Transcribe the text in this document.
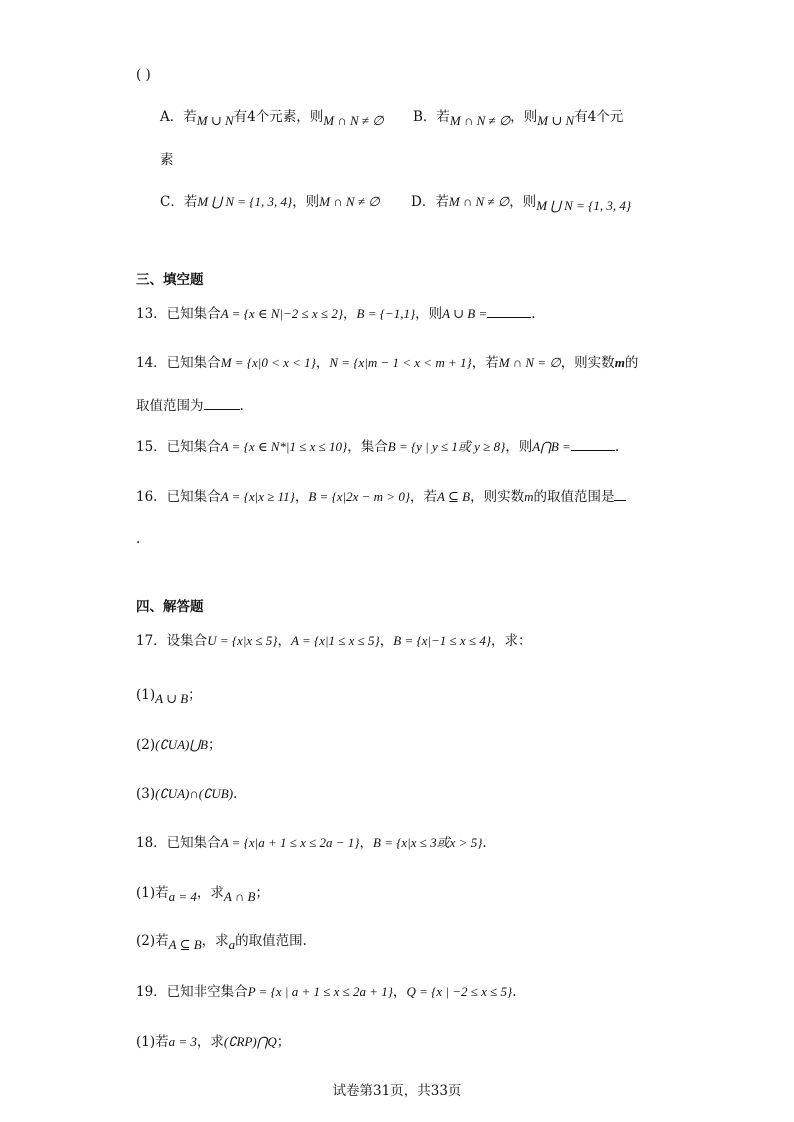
( )
A．若M ∪ N有4个元素，则M ∩ N ≠ ∅ B．若M ∩ N ≠ ∅，则M ∪ N有4个元
素
C．若M ⋃ N = {1, 3, 4}，则M ∩ N ≠ ∅ D．若M ∩ N ≠ ∅，则M ⋃ N = {1, 3, 4}
三、填空题
13．已知集合A = {x ∈ N|−2 ≤ x ≤ 2}，B = {−1,1}，则A ∪ B =	.
14．已知集合M = {x|0 < x < 1}，N = {x|m − 1 < x < m + 1}，若M ∩ N = ∅，则实数m的
取值范围为	.
15．已知集合A = {x ∈ N*|1 ≤ x ≤ 10}，集合B = {y | y ≤ 1或 y ≥ 8}，则A⋂B =	.
16．已知集合A = {x|x ≥ 11}，B = {x|2x − m > 0}，若A ⊆ B，则实数m的取值范围是
.
四、解答题
17．设集合U = {x|x ≤ 5}，A = {x|1 ≤ x ≤ 5}，B = {x|−1 ≤ x ≤ 4}，求：
(1)A ∪ B；
(2)(∁UA)⋃B；
(3)(∁UA)∩(∁UB).
18．已知集合A = {x|a + 1 ≤ x ≤ 2a − 1}，B = {x|x ≤ 3或x > 5}.
(1)若a = 4，求A ∩ B；
(2)若A ⊆ B，求a的取值范围.
19．已知非空集合P = {x | a + 1 ≤ x ≤ 2a + 1}，Q = {x | −2 ≤ x ≤ 5}.
(1)若a = 3，求(∁RP)⋂Q；
试卷第31页，共33页
